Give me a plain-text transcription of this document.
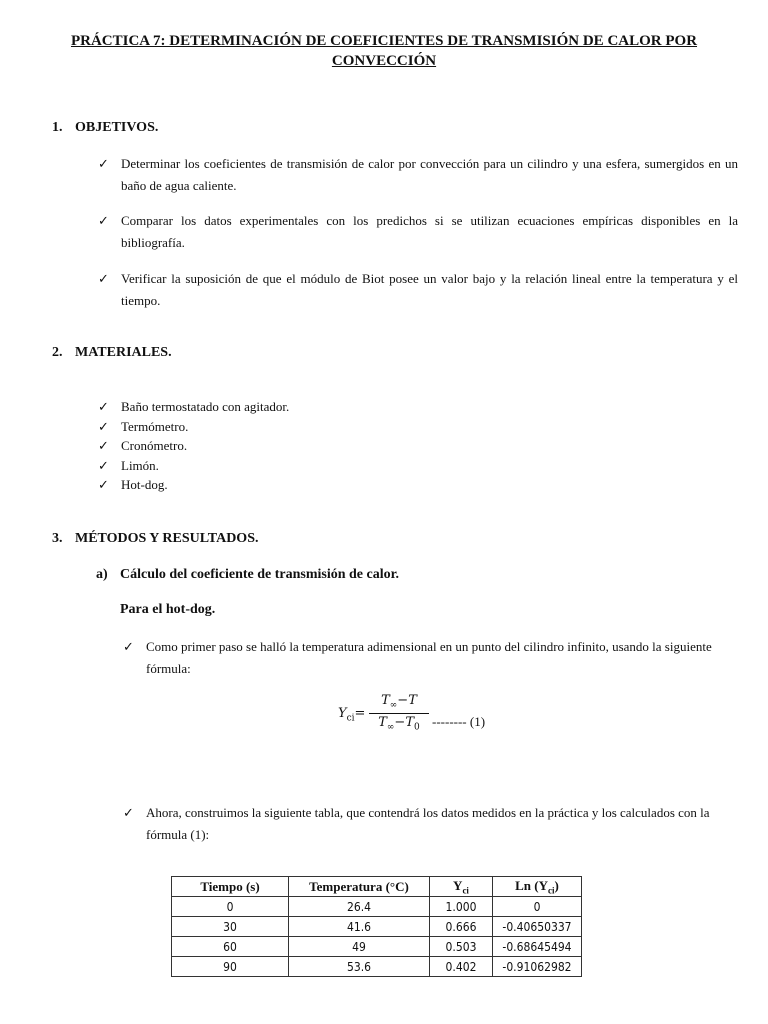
PRÁCTICA 7: DETERMINACIÓN DE COEFICIENTES DE TRANSMISIÓN DE CALOR POR
CONVECCIÓN
1. OBJETIVOS.
✓ Determinar los coeficientes de transmisión de calor por convección para un cilindro y una esfera, sumergidos en un baño de agua caliente.
✓ Comparar los datos experimentales con los predichos si se utilizan ecuaciones empíricas disponibles en la bibliografía.
✓ Verificar la suposición de que el módulo de Biot posee un valor bajo y la relación lineal entre la temperatura y el tiempo.
2. MATERIALES.
✓ Baño termostatado con agitador.
✓ Termómetro.
✓ Cronómetro.
✓ Limón.
✓ Hot-dog.
3. MÉTODOS Y RESULTADOS.
a) Cálculo del coeficiente de transmisión de calor.
Para el hot-dog.
✓ Como primer paso se halló la temperatura adimensional en un punto del cilindro infinito, usando la siguiente fórmula:
$Y_{ci}= \frac{T_\infty-T}{T_\infty-T_0}$ -------- (1)
✓ Ahora, construimos la siguiente tabla, que contendrá los datos medidos en la práctica y los calculados con la fórmula (1):
Tiempo (s)	Temperatura (°C)	$Y_{ci}$	Ln $(Y_{ci})$
0	26.4	1.000	0
30	41.6	0.666	-0.40650337
60	49	0.503	-0.68645494
90	53.6	0.402	-0.91062982
